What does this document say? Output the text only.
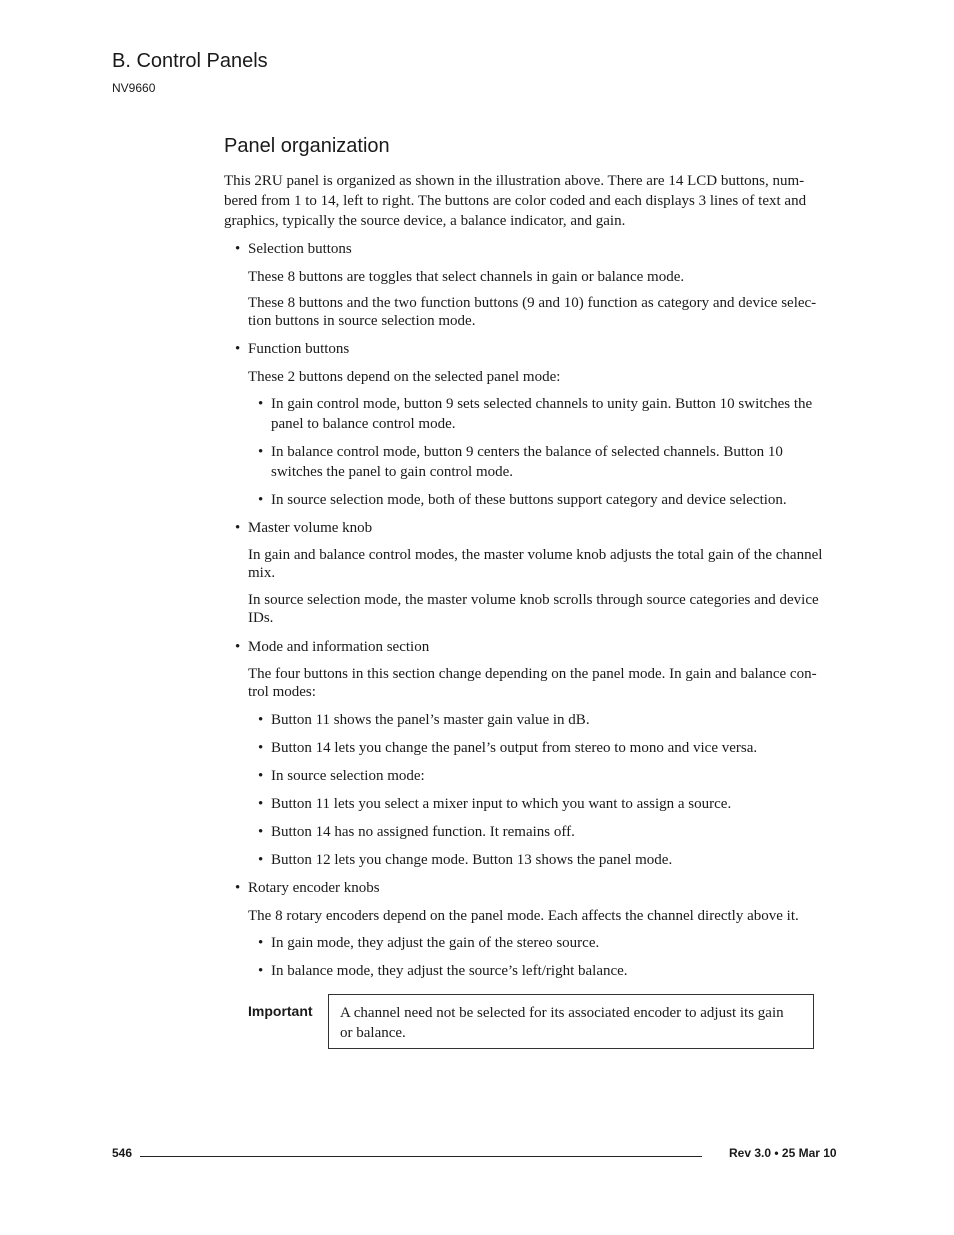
B. Control Panels
NV9660
Panel organization
This 2RU panel is organized as shown in the illustration above. There are 14 LCD buttons, num-
bered from 1 to 14, left to right. The buttons are color coded and each displays 3 lines of text and
graphics, typically the source device, a balance indicator, and gain.
• Selection buttons
These 8 buttons are toggles that select channels in gain or balance mode.
These 8 buttons and the two function buttons (9 and 10) function as category and device selec-
tion buttons in source selection mode.
• Function buttons
These 2 buttons depend on the selected panel mode:
• In gain control mode, button 9 sets selected channels to unity gain. Button 10 switches the
panel to balance control mode.
• In balance control mode, button 9 centers the balance of selected channels. Button 10
switches the panel to gain control mode.
• In source selection mode, both of these buttons support category and device selection.
• Master volume knob
In gain and balance control modes, the master volume knob adjusts the total gain of the channel
mix.
In source selection mode, the master volume knob scrolls through source categories and device
IDs.
• Mode and information section
The four buttons in this section change depending on the panel mode. In gain and balance con-
trol modes:
• Button 11 shows the panel’s master gain value in dB.
• Button 14 lets you change the panel’s output from stereo to mono and vice versa.
• In source selection mode:
• Button 11 lets you select a mixer input to which you want to assign a source.
• Button 14 has no assigned function. It remains off.
• Button 12 lets you change mode. Button 13 shows the panel mode.
• Rotary encoder knobs
The 8 rotary encoders depend on the panel mode. Each affects the channel directly above it.
• In gain mode, they adjust the gain of the stereo source.
• In balance mode, they adjust the source’s left/right balance.
Important A channel need not be selected for its associated encoder to adjust its gain
or balance.
546	Rev 3.0 • 25 Mar 10
